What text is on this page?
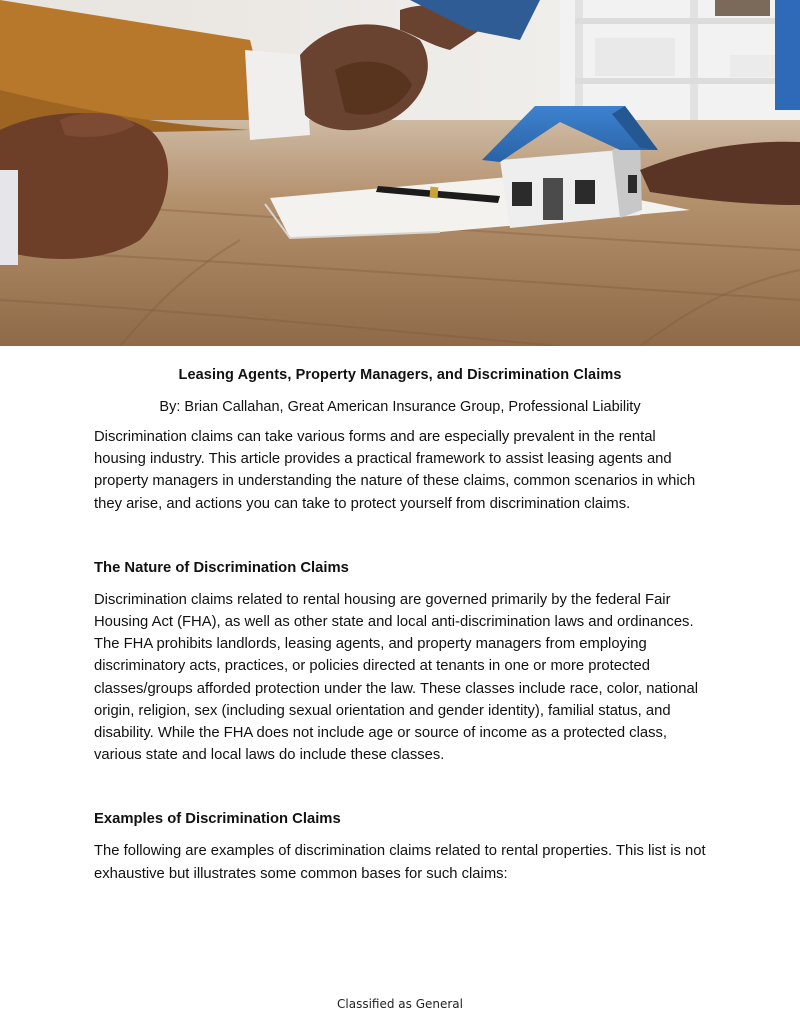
Leasing Agents, Property Managers, and Discrimination Claims

By: Brian Callahan, Great American Insurance Group, Professional Liability

Discrimination claims can take various forms and are especially prevalent in the rental housing industry. This article provides a practical framework to assist leasing agents and property managers in understanding the nature of these claims, common scenarios in which they arise, and actions you can take to protect yourself from discrimination claims.

The Nature of Discrimination Claims

Discrimination claims related to rental housing are governed primarily by the federal Fair Housing Act (FHA), as well as other state and local anti-discrimination laws and ordinances. The FHA prohibits landlords, leasing agents, and property managers from employing discriminatory acts, practices, or policies directed at tenants in one or more protected classes/groups afforded protection under the law. These classes include race, color, national origin, religion, sex (including sexual orientation and gender identity), familial status, and disability. While the FHA does not include age or source of income as a protected class, various state and local laws do include these classes.

Examples of Discrimination Claims

The following are examples of discrimination claims related to rental properties. This list is not exhaustive but illustrates some common bases for such claims:

Classified as General
